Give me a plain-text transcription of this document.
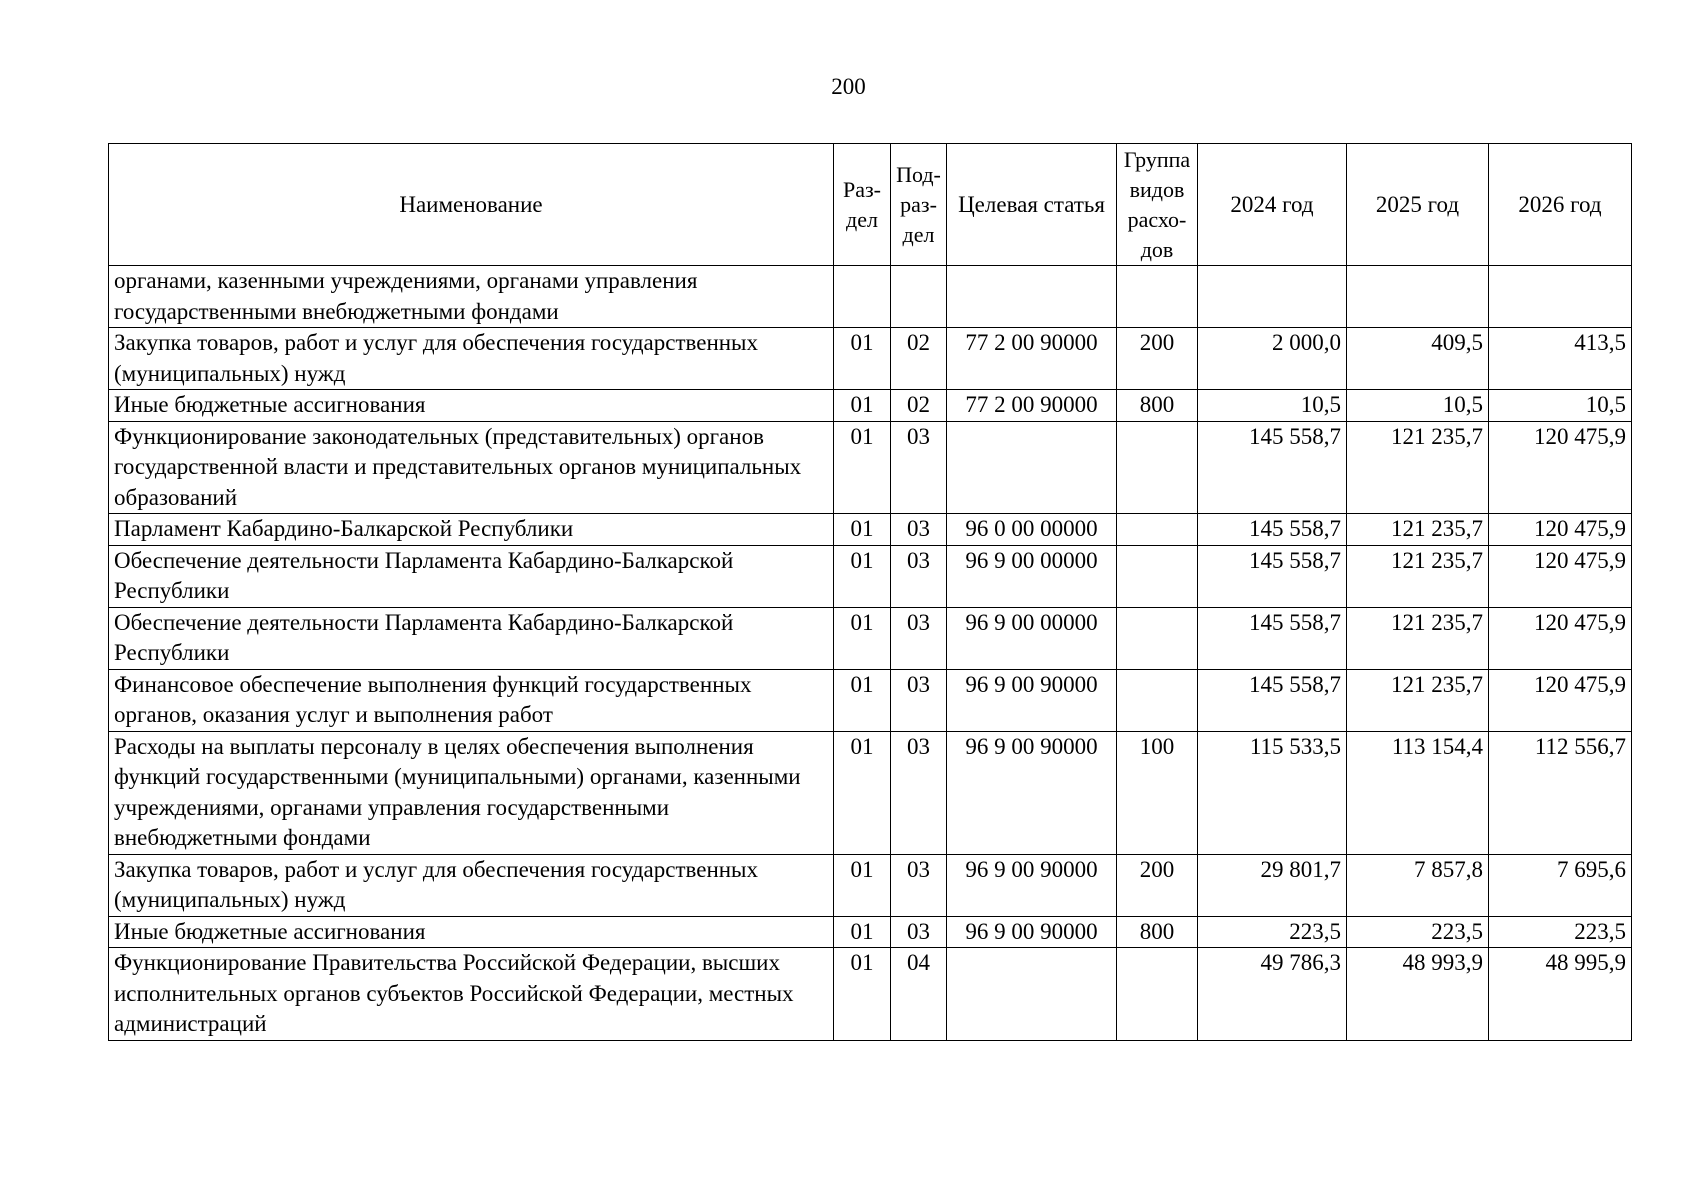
200
Наименование	Раз-дел	Под-раз-дел	Целевая статья	Группа видов расхо-дов	2024 год	2025 год	2026 год
органами, казенными учреждениями, органами управления государственными внебюджетными фондами							
Закупка товаров, работ и услуг для обеспечения государственных (муниципальных) нужд	01	02	77 2 00 90000	200	2 000,0	409,5	413,5
Иные бюджетные ассигнования	01	02	77 2 00 90000	800	10,5	10,5	10,5
Функционирование законодательных (представительных) органов государственной власти и представительных органов муниципальных образований	01	03			145 558,7	121 235,7	120 475,9
Парламент Кабардино-Балкарской Республики	01	03	96 0 00 00000		145 558,7	121 235,7	120 475,9
Обеспечение деятельности Парламента Кабардино-Балкарской Республики	01	03	96 9 00 00000		145 558,7	121 235,7	120 475,9
Обеспечение деятельности Парламента Кабардино-Балкарской Республики	01	03	96 9 00 00000		145 558,7	121 235,7	120 475,9
Финансовое обеспечение выполнения функций государственных органов, оказания услуг и выполнения работ	01	03	96 9 00 90000		145 558,7	121 235,7	120 475,9
Расходы на выплаты персоналу в целях обеспечения выполнения функций государственными (муниципальными) органами, казенными учреждениями, органами управления государственными внебюджетными фондами	01	03	96 9 00 90000	100	115 533,5	113 154,4	112 556,7
Закупка товаров, работ и услуг для обеспечения государственных (муниципальных) нужд	01	03	96 9 00 90000	200	29 801,7	7 857,8	7 695,6
Иные бюджетные ассигнования	01	03	96 9 00 90000	800	223,5	223,5	223,5
Функционирование Правительства Российской Федерации, высших исполнительных органов субъектов Российской Федерации, местных администраций	01	04			49 786,3	48 993,9	48 995,9
